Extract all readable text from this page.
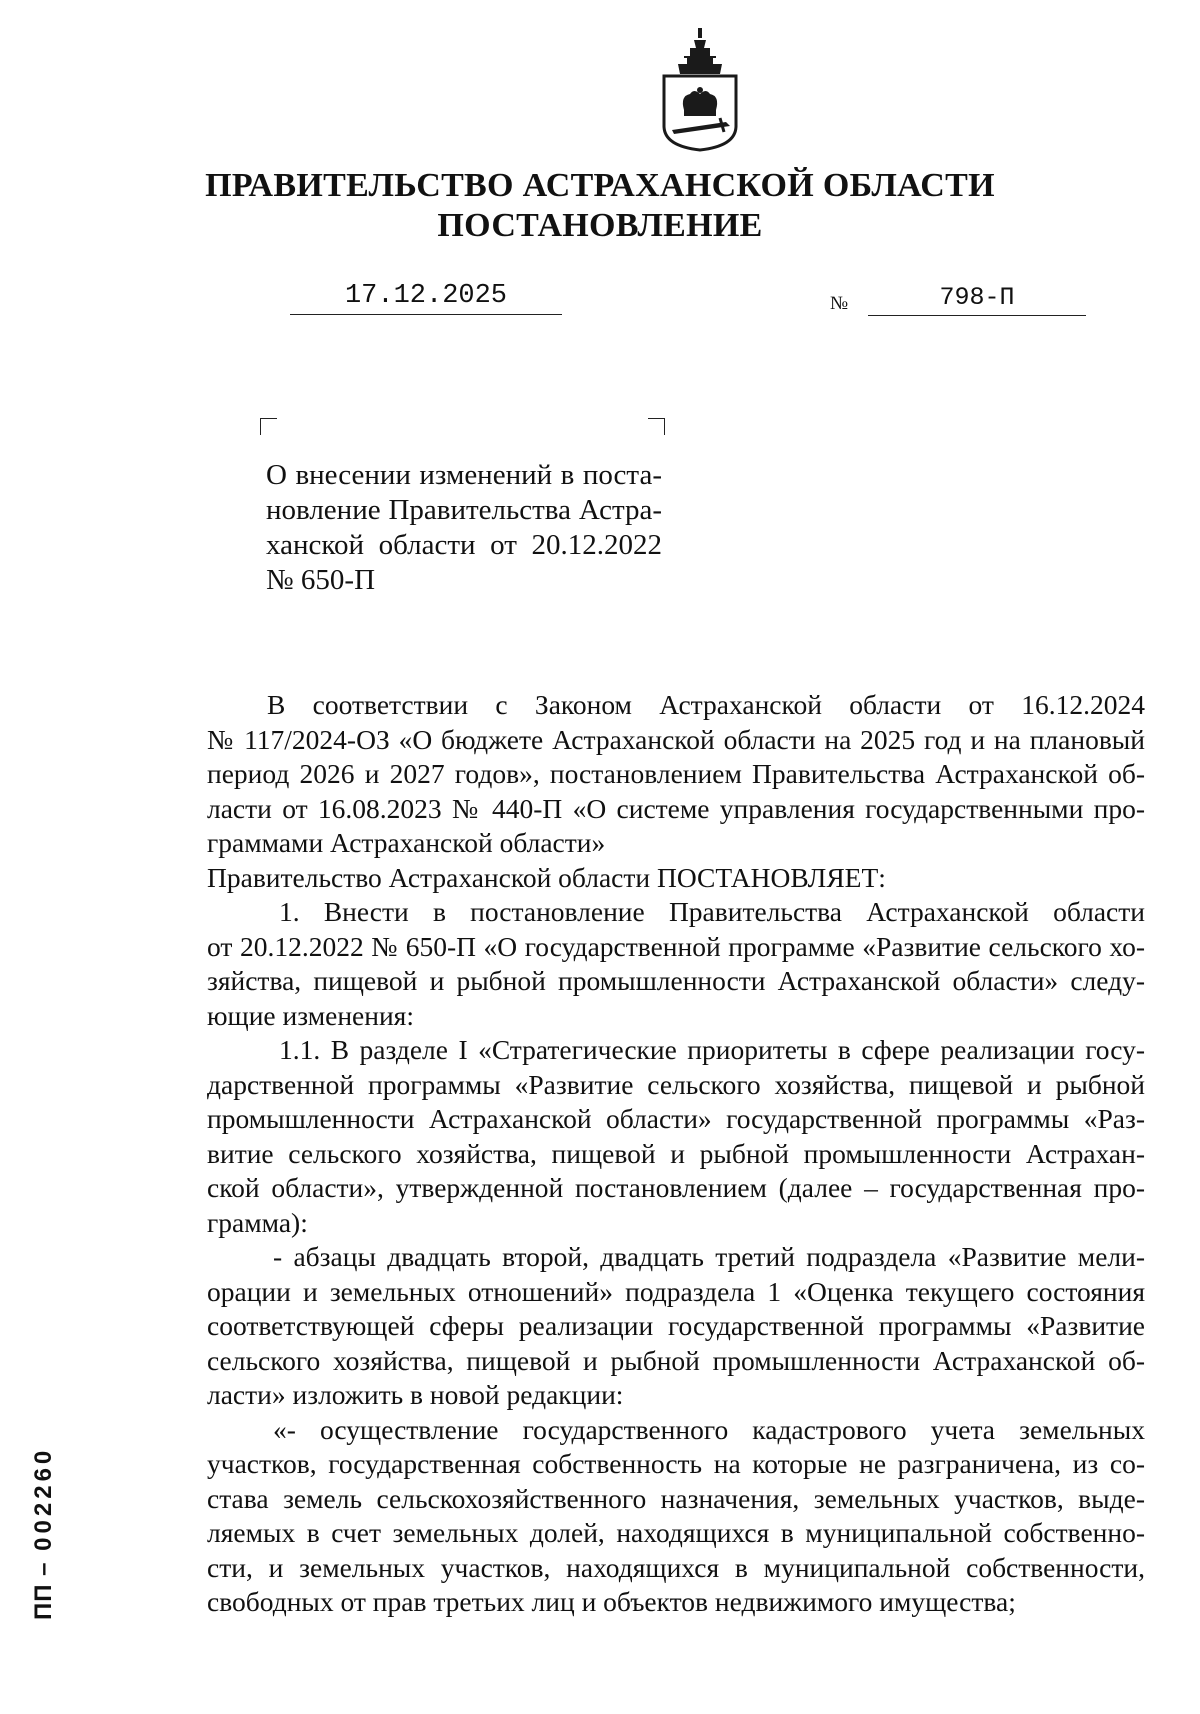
ПРАВИТЕЛЬСТВО АСТРАХАНСКОЙ ОБЛАСТИ
ПОСТАНОВЛЕНИЕ
17.12.2025	№	798-П
О внесении изменений в поста-
новление Правительства Астра-
ханской области от 20.12.2022
№ 650-П
В соответствии с Законом Астраханской области от 16.12.2024
№ 117/2024-ОЗ «О бюджете Астраханской области на 2025 год и на плановый
период 2026 и 2027 годов», постановлением Правительства Астраханской об-
ласти от 16.08.2023 № 440-П «О системе управления государственными про-
граммами Астраханской области»
Правительство Астраханской области ПОСТАНОВЛЯЕТ:
1. Внести в постановление Правительства Астраханской области
от 20.12.2022 № 650-П «О государственной программе «Развитие сельского хо-
зяйства, пищевой и рыбной промышленности Астраханской области» следу-
ющие изменения:
1.1. В разделе I «Стратегические приоритеты в сфере реализации госу-
дарственной программы «Развитие сельского хозяйства, пищевой и рыбной
промышленности Астраханской области» государственной программы «Раз-
витие сельского хозяйства, пищевой и рыбной промышленности Астрахан-
ской области», утвержденной постановлением (далее – государственная про-
грамма):
- абзацы двадцать второй, двадцать третий подраздела «Развитие мели-
орации и земельных отношений» подраздела 1 «Оценка текущего состояния
соответствующей сферы реализации государственной программы «Развитие
сельского хозяйства, пищевой и рыбной промышленности Астраханской об-
ласти» изложить в новой редакции:
«- осуществление государственного кадастрового учета земельных
участков, государственная собственность на которые не разграничена, из со-
става земель сельскохозяйственного назначения, земельных участков, выде-
ляемых в счет земельных долей, находящихся в муниципальной собственно-
сти, и земельных участков, находящихся в муниципальной собственности,
свободных от прав третьих лиц и объектов недвижимого имущества;
ПП – 002260
